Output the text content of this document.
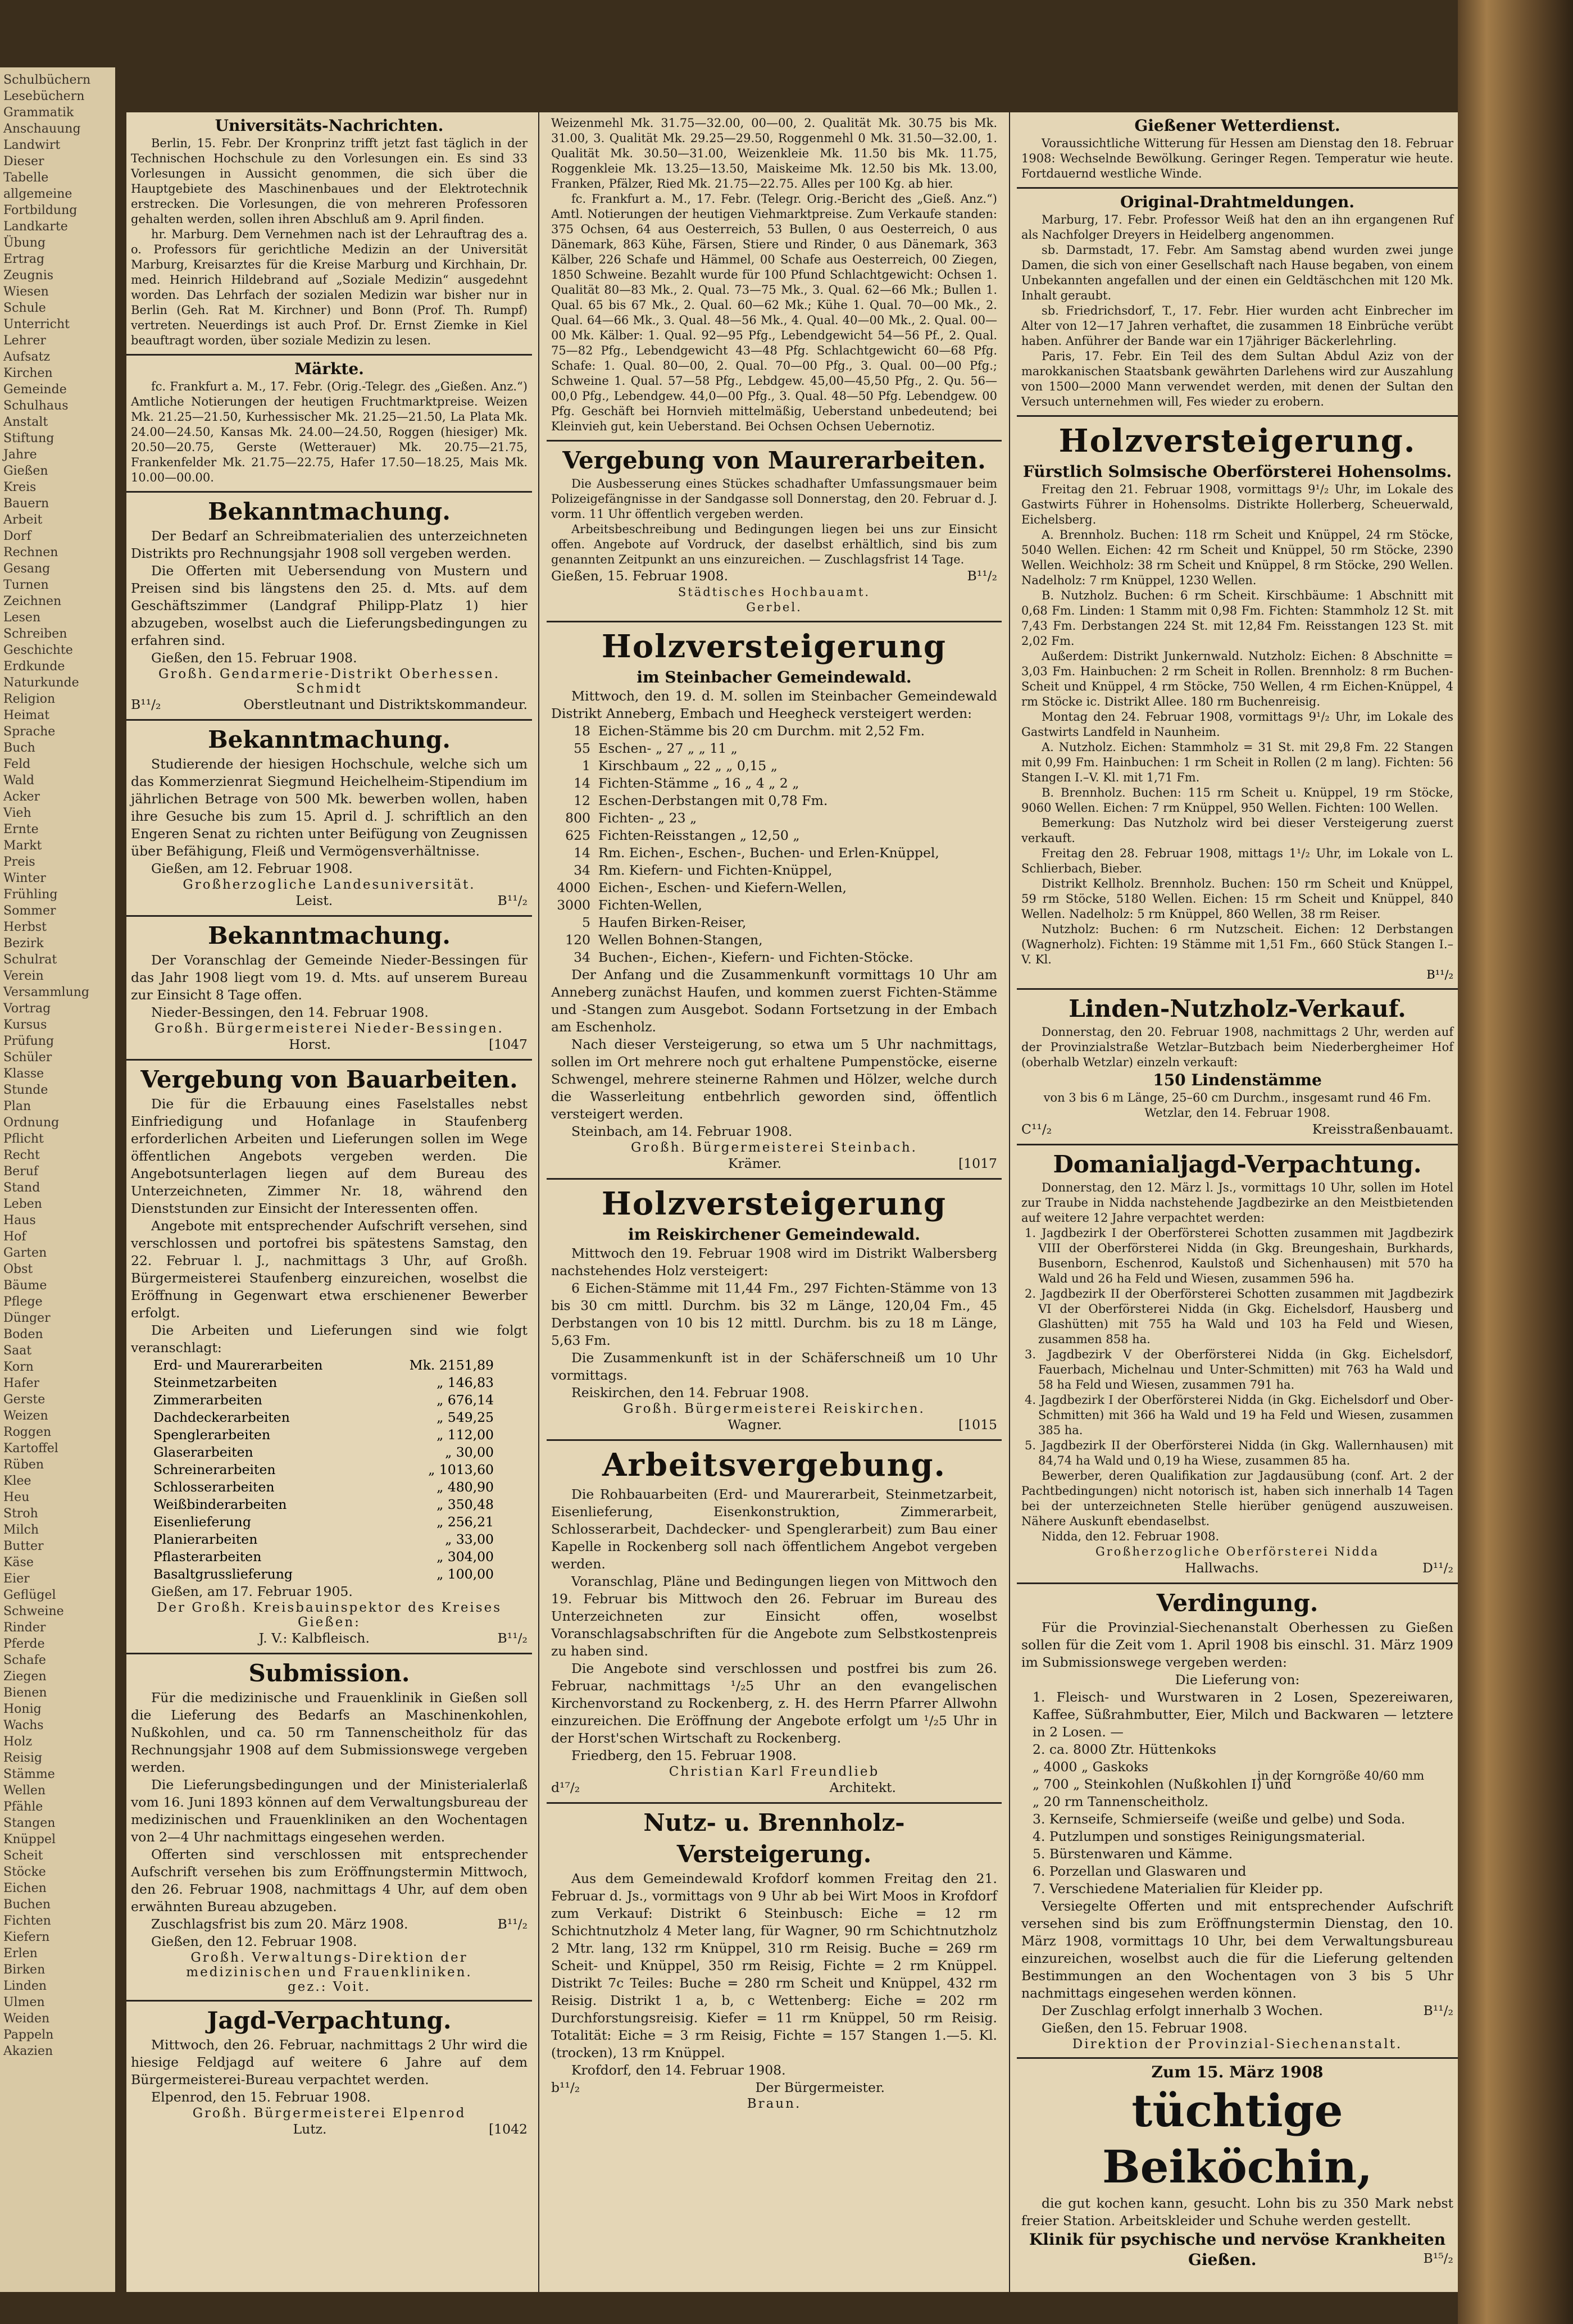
Schulbüchern
Lesebüchern
Grammatik
Anschauung
Landwirt
Dieser
Tabelle
allgemeine
Fortbildung
Landkarte
Übung
Ertrag
Zeugnis
Wiesen
Schule
Unterricht
Lehrer
Aufsatz
Kirchen
Gemeinde
Schulhaus
Anstalt
Stiftung
Jahre
Gießen
Kreis
Bauern
Arbeit
Dorf
Rechnen
Gesang
Turnen
Zeichnen
Lesen
Schreiben
Geschichte
Erdkunde
Naturkunde
Religion
Heimat
Sprache
Buch
Feld
Wald
Acker
Vieh
Ernte
Markt
Preis
Winter
Frühling
Sommer
Herbst
Bezirk
Schulrat
Verein
Versammlung
Vortrag
Kursus
Prüfung
Schüler
Klasse
Stunde
Plan
Ordnung
Pflicht
Recht
Beruf
Stand
Leben
Haus
Hof
Garten
Obst
Bäume
Pflege
Dünger
Boden
Saat
Korn
Hafer
Gerste
Weizen
Roggen
Kartoffel
Rüben
Klee
Heu
Stroh
Milch
Butter
Käse
Eier
Geflügel
Schweine
Rinder
Pferde
Schafe
Ziegen
Bienen
Honig
Wachs
Holz
Reisig
Stämme
Wellen
Pfähle
Stangen
Knüppel
Scheit
Stöcke
Eichen
Buchen
Fichten
Kiefern
Erlen
Birken
Linden
Ulmen
Weiden
Pappeln
Akazien
Universitäts-Nachrichten.

Berlin, 15. Febr. Der Kronprinz trifft jetzt fast täglich in der Technischen Hochschule zu den Vorlesungen ein. Es sind 33 Vorlesungen in Aussicht genommen, die sich über die Hauptgebiete des Maschinenbaues und der Elektrotechnik erstrecken. Die Vorlesungen, die von mehreren Professoren gehalten werden, sollen ihren Abschluß am 9. April finden.

hr. Marburg. Dem Vernehmen nach ist der Lehrauftrag des a. o. Professors für gerichtliche Medizin an der Universität Marburg, Kreisarztes für die Kreise Marburg und Kirchhain, Dr. med. Heinrich Hildebrand auf „Soziale Medizin“ ausgedehnt worden. Das Lehrfach der sozialen Medizin war bisher nur in Berlin (Geh. Rat M. Kirchner) und Bonn (Prof. Th. Rumpf) vertreten. Neuerdings ist auch Prof. Dr. Ernst Ziemke in Kiel beauftragt worden, über soziale Medizin zu lesen.

Märkte.

fc. Frankfurt a. M., 17. Febr. (Orig.-Telegr. des „Gießen. Anz.“) Amtliche Notierungen der heutigen Fruchtmarktpreise. Weizen Mk. 21.25—21.50, Kurhessischer Mk. 21.25—21.50, La Plata Mk. 24.00—24.50, Kansas Mk. 24.00—24.50, Roggen (hiesiger) Mk. 20.50—20.75, Gerste (Wetterauer) Mk. 20.75—21.75, Frankenfelder Mk. 21.75—22.75, Hafer 17.50—18.25, Mais Mk. 10.00—00.00.

Bekanntmachung.

Der Bedarf an Schreibmaterialien des unterzeichneten Distrikts pro Rechnungsjahr 1908 soll vergeben werden.

Die Offerten mit Uebersendung von Mustern und Preisen sind bis längstens den 25. d. Mts. auf dem Geschäftszimmer (Landgraf Philipp-Platz 1) hier abzugeben, woselbst auch die Lieferungsbedingungen zu erfahren sind.

Gießen, den 15. Februar 1908.

Großh. Gendarmerie-Distrikt Oberhessen.
Schmidt
B¹¹/₂	Oberstleutnant und Distriktskommandeur.
Bekanntmachung.

Studierende der hiesigen Hochschule, welche sich um das Kommerzienrat Siegmund Heichelheim-Stipendium im jährlichen Betrage von 500 Mk. bewerben wollen, haben ihre Gesuche bis zum 15. April d. J. schriftlich an den Engeren Senat zu richten unter Beifügung von Zeugnissen über Befähigung, Fleiß und Vermögensverhältnisse.

Gießen, am 12. Februar 1908.

Großherzogliche Landesuniversität.
Leist.	B¹¹/₂
Bekanntmachung.

Der Voranschlag der Gemeinde Nieder-Bessingen für das Jahr 1908 liegt vom 19. d. Mts. auf unserem Bureau zur Einsicht 8 Tage offen.

Nieder-Bessingen, den 14. Februar 1908.

Großh. Bürgermeisterei Nieder-Bessingen.
Horst.	[1047
Vergebung von Bauarbeiten.

Die für die Erbauung eines Faselstalles nebst Einfriedigung und Hofanlage in Staufenberg erforderlichen Arbeiten und Lieferungen sollen im Wege öffentlichen Angebots vergeben werden. Die Angebotsunterlagen liegen auf dem Bureau des Unterzeichneten, Zimmer Nr. 18, während den Dienststunden zur Einsicht der Interessenten offen.

Angebote mit entsprechender Aufschrift versehen, sind verschlossen und portofrei bis spätestens Samstag, den 22. Februar l. J., nachmittags 3 Uhr, auf Großh. Bürgermeisterei Staufenberg einzureichen, woselbst die Eröffnung in Gegenwart etwa erschienener Bewerber erfolgt.

Die Arbeiten und Lieferungen sind wie folgt veranschlagt:

Erd- und Maurerarbeiten	Mk. 2151,89
Steinmetzarbeiten	„ 146,83
Zimmerarbeiten	„ 676,14
Dachdeckerarbeiten	„ 549,25
Spenglerarbeiten	„ 112,00
Glaserarbeiten	„ 30,00
Schreinerarbeiten	„ 1013,60
Schlosserarbeiten	„ 480,90
Weißbinderarbeiten	„ 350,48
Eisenlieferung	„ 256,21
Planierarbeiten	„ 33,00
Pflasterarbeiten	„ 304,00
Basaltgrusslieferung	„ 100,00

Gießen, am 17. Februar 1905.

Der Großh. Kreisbauinspektor des Kreises Gießen:
J. V.: Kalbfleisch.	B¹¹/₂
Submission.

Für die medizinische und Frauenklinik in Gießen soll die Lieferung des Bedarfs an Maschinenkohlen, Nußkohlen, und ca. 50 rm Tannenscheitholz für das Rechnungsjahr 1908 auf dem Submissionswege vergeben werden.

Die Lieferungsbedingungen und der Ministerialerlaß vom 16. Juni 1893 können auf dem Verwaltungsbureau der medizinischen und Frauenkliniken an den Wochentagen von 2—4 Uhr nachmittags eingesehen werden.

Offerten sind verschlossen mit entsprechender Aufschrift versehen bis zum Eröffnungstermin Mittwoch, den 26. Februar 1908, nachmittags 4 Uhr, auf dem oben erwähnten Bureau abzugeben.

Zuschlagsfrist bis zum 20. März 1908.	B¹¹/₂

Gießen, den 12. Februar 1908.

Großh. Verwaltungs-Direktion der medizinischen und Frauenkliniken.
gez.: Voit.
Jagd-Verpachtung.

Mittwoch, den 26. Februar, nachmittags 2 Uhr wird die hiesige Feldjagd auf weitere 6 Jahre auf dem Bürgermeisterei-Bureau verpachtet werden.

Elpenrod, den 15. Februar 1908.

Großh. Bürgermeisterei Elpenrod
Lutz.	[1042

Weizenmehl Mk. 31.75—32.00, 00—00, 2. Qualität Mk. 30.75 bis Mk. 31.00, 3. Qualität Mk. 29.25—29.50, Roggenmehl 0 Mk. 31.50—32.00, 1. Qualität Mk. 30.50—31.00, Weizenkleie Mk. 11.50 bis Mk. 11.75, Roggenkleie Mk. 13.25—13.50, Maiskeime Mk. 12.50 bis Mk. 13.00, Franken, Pfälzer, Ried Mk. 21.75—22.75. Alles per 100 Kg. ab hier.

fc. Frankfurt a. M., 17. Febr. (Telegr. Orig.-Bericht des „Gieß. Anz.“) Amtl. Notierungen der heutigen Viehmarktpreise. Zum Verkaufe standen: 375 Ochsen, 64 aus Oesterreich, 53 Bullen, 0 aus Oesterreich, 0 aus Dänemark, 863 Kühe, Färsen, Stiere und Rinder, 0 aus Dänemark, 363 Kälber, 226 Schafe und Hämmel, 00 Schafe aus Oesterreich, 00 Ziegen, 1850 Schweine. Bezahlt wurde für 100 Pfund Schlachtgewicht: Ochsen 1. Qualität 80—83 Mk., 2. Qual. 73—75 Mk., 3. Qual. 62—66 Mk.; Bullen 1. Qual. 65 bis 67 Mk., 2. Qual. 60—62 Mk.; Kühe 1. Qual. 70—00 Mk., 2. Qual. 64—66 Mk., 3. Qual. 48—56 Mk., 4. Qual. 40—00 Mk., 2. Qual. 00—00 Mk. Kälber: 1. Qual. 92—95 Pfg., Lebendgewicht 54—56 Pf., 2. Qual. 75—82 Pfg., Lebendgewicht 43—48 Pfg. Schlachtgewicht 60—68 Pfg. Schafe: 1. Qual. 80—00, 2. Qual. 70—00 Pfg., 3. Qual. 00—00 Pfg.; Schweine 1. Qual. 57—58 Pfg., Lebdgew. 45,00—45,50 Pfg., 2. Qu. 56—00,0 Pfg., Lebendgew. 44,0—00 Pfg., 3. Qual. 48—50 Pfg. Lebendgew. 00 Pfg. Geschäft bei Hornvieh mittelmäßig, Ueberstand unbedeutend; bei Kleinvieh gut, kein Ueberstand. Bei Ochsen Ochsen Uebernotiz.

Vergebung von Maurerarbeiten.

Die Ausbesserung eines Stückes schadhafter Umfassungsmauer beim Polizeigefängnisse in der Sandgasse soll Donnerstag, den 20. Februar d. J. vorm. 11 Uhr öffentlich vergeben werden.

Arbeitsbeschreibung und Bedingungen liegen bei uns zur Einsicht offen. Angebote auf Vordruck, der daselbst erhältlich, sind bis zum genannten Zeitpunkt an uns einzureichen. — Zuschlagsfrist 14 Tage.

Gießen, 15. Februar 1908.	B¹¹/₂
Städtisches Hochbauamt.
Gerbel.
Holzversteigerung
im Steinbacher Gemeindewald.

Mittwoch, den 19. d. M. sollen im Steinbacher Gemeindewald Distrikt Anneberg, Embach und Heegheck versteigert werden:

18 Eichen-Stämme bis 20 cm Durchm. mit 2,52 Fm.
55 Eschen- „ 27 „ „ 11 „
1 Kirschbaum „ 22 „ „ 0,15 „
14 Fichten-Stämme „ 16 „ 4 „ 2 „
12 Eschen-Derbstangen mit 0,78 Fm.
800 Fichten- „ 23 „
625 Fichten-Reisstangen „ 12,50 „
14 Rm. Eichen-, Eschen-, Buchen- und Erlen-Knüppel,
34 Rm. Kiefern- und Fichten-Knüppel,
4000 Eichen-, Eschen- und Kiefern-Wellen,
3000 Fichten-Wellen,
5 Haufen Birken-Reiser,
120 Wellen Bohnen-Stangen,
34 Buchen-, Eichen-, Kiefern- und Fichten-Stöcke.

Der Anfang und die Zusammenkunft vormittags 10 Uhr am Anneberg zunächst Haufen, und kommen zuerst Fichten-Stämme und -Stangen zum Ausgebot. Sodann Fortsetzung in der Embach am Eschenholz.

Nach dieser Versteigerung, so etwa um 5 Uhr nachmittags, sollen im Ort mehrere noch gut erhaltene Pumpenstöcke, eiserne Schwengel, mehrere steinerne Rahmen und Hölzer, welche durch die Wasserleitung entbehrlich geworden sind, öffentlich versteigert werden.

Steinbach, am 14. Februar 1908.

Großh. Bürgermeisterei Steinbach.
Krämer.	[1017
Holzversteigerung
im Reiskirchener Gemeindewald.

Mittwoch den 19. Februar 1908 wird im Distrikt Walbersberg nachstehendes Holz versteigert:

6 Eichen-Stämme mit 11,44 Fm., 297 Fichten-Stämme von 13 bis 30 cm mittl. Durchm. bis 32 m Länge, 120,04 Fm., 45 Derbstangen von 10 bis 12 mittl. Durchm. bis zu 18 m Länge, 5,63 Fm.

Die Zusammenkunft ist in der Schäferschneiß um 10 Uhr vormittags.

Reiskirchen, den 14. Februar 1908.

Großh. Bürgermeisterei Reiskirchen.
Wagner.	[1015
Arbeitsvergebung.

Die Rohbauarbeiten (Erd- und Maurerarbeit, Steinmetzarbeit, Eisenlieferung, Eisenkonstruktion, Zimmerarbeit, Schlosserarbeit, Dachdecker- und Spenglerarbeit) zum Bau einer Kapelle in Rockenberg soll nach öffentlichem Angebot vergeben werden.

Voranschlag, Pläne und Bedingungen liegen von Mittwoch den 19. Februar bis Mittwoch den 26. Februar im Bureau des Unterzeichneten zur Einsicht offen, woselbst Voranschlagsabschriften für die Angebote zum Selbstkostenpreis zu haben sind.

Die Angebote sind verschlossen und postfrei bis zum 26. Februar, nachmittags ¹/₂5 Uhr an den evangelischen Kirchenvorstand zu Rockenberg, z. H. des Herrn Pfarrer Allwohn einzureichen. Die Eröffnung der Angebote erfolgt um ¹/₂5 Uhr in der Horst'schen Wirtschaft zu Rockenberg.

Friedberg, den 15. Februar 1908.

Christian Karl Freundlieb
d¹⁷/₂	Architekt.
Nutz- u. Brennholz-Versteigerung.

Aus dem Gemeindewald Krofdorf kommen Freitag den 21. Februar d. Js., vormittags von 9 Uhr ab bei Wirt Moos in Krofdorf zum Verkauf: Distrikt 6 Steinbusch: Eiche = 12 rm Schichtnutzholz 4 Meter lang, für Wagner, 90 rm Schichtnutzholz 2 Mtr. lang, 132 rm Knüppel, 310 rm Reisig. Buche = 269 rm Scheit- und Knüppel, 350 rm Reisig, Fichte = 2 rm Knüppel. Distrikt 7c Teiles: Buche = 280 rm Scheit und Knüppel, 432 rm Reisig. Distrikt 1 a, b, c Wettenberg: Eiche = 202 rm Durchforstungsreisig. Kiefer = 11 rm Knüppel, 50 rm Reisig. Totalität: Eiche = 3 rm Reisig, Fichte = 157 Stangen 1.—5. Kl. (trocken), 13 rm Knüppel.

Krofdorf, den 14. Februar 1908.

b¹¹/₂	Der Bürgermeister.
Braun.
Gießener Wetterdienst.

Voraussichtliche Witterung für Hessen am Dienstag den 18. Februar 1908: Wechselnde Bewölkung. Geringer Regen. Temperatur wie heute. Fortdauernd westliche Winde.

Original-Drahtmeldungen.

Marburg, 17. Febr. Professor Weiß hat den an ihn ergangenen Ruf als Nachfolger Dreyers in Heidelberg angenommen.

sb. Darmstadt, 17. Febr. Am Samstag abend wurden zwei junge Damen, die sich von einer Gesellschaft nach Hause begaben, von einem Unbekannten angefallen und der einen ein Geldtäschchen mit 120 Mk. Inhalt geraubt.

sb. Friedrichsdorf, T., 17. Febr. Hier wurden acht Einbrecher im Alter von 12—17 Jahren verhaftet, die zusammen 18 Einbrüche verübt haben. Anführer der Bande war ein 17jähriger Bäckerlehrling.

Paris, 17. Febr. Ein Teil des dem Sultan Abdul Aziz von der marokkanischen Staatsbank gewährten Darlehens wird zur Auszahlung von 1500—2000 Mann verwendet werden, mit denen der Sultan den Versuch unternehmen will, Fes wieder zu erobern.

Holzversteigerung.
Fürstlich Solmsische Oberförsterei Hohensolms.

Freitag den 21. Februar 1908, vormittags 9¹/₂ Uhr, im Lokale des Gastwirts Führer in Hohensolms. Distrikte Hollerberg, Scheuerwald, Eichelsberg.

A. Brennholz. Buchen: 118 rm Scheit und Knüppel, 24 rm Stöcke, 5040 Wellen. Eichen: 42 rm Scheit und Knüppel, 50 rm Stöcke, 2390 Wellen. Weichholz: 38 rm Scheit und Knüppel, 8 rm Stöcke, 290 Wellen. Nadelholz: 7 rm Knüppel, 1230 Wellen.

B. Nutzholz. Buchen: 6 rm Scheit. Kirschbäume: 1 Abschnitt mit 0,68 Fm. Linden: 1 Stamm mit 0,98 Fm. Fichten: Stammholz 12 St. mit 7,43 Fm. Derbstangen 224 St. mit 12,84 Fm. Reisstangen 123 St. mit 2,02 Fm.

Außerdem: Distrikt Junkernwald. Nutzholz: Eichen: 8 Abschnitte = 3,03 Fm. Hainbuchen: 2 rm Scheit in Rollen. Brennholz: 8 rm Buchen-Scheit und Knüppel, 4 rm Stöcke, 750 Wellen, 4 rm Eichen-Knüppel, 4 rm Stöcke ic. Distrikt Allee. 180 rm Buchenreisig.

Montag den 24. Februar 1908, vormittags 9¹/₂ Uhr, im Lokale des Gastwirts Landfeld in Naunheim.

A. Nutzholz. Eichen: Stammholz = 31 St. mit 29,8 Fm. 22 Stangen mit 0,99 Fm. Hainbuchen: 1 rm Scheit in Rollen (2 m lang). Fichten: 56 Stangen I.–V. Kl. mit 1,71 Fm.

B. Brennholz. Buchen: 115 rm Scheit u. Knüppel, 19 rm Stöcke, 9060 Wellen. Eichen: 7 rm Knüppel, 950 Wellen. Fichten: 100 Wellen.

Bemerkung: Das Nutzholz wird bei dieser Versteigerung zuerst verkauft.

Freitag den 28. Februar 1908, mittags 1¹/₂ Uhr, im Lokale von L. Schlierbach, Bieber.

Distrikt Kellholz. Brennholz. Buchen: 150 rm Scheit und Knüppel, 59 rm Stöcke, 5180 Wellen. Eichen: 15 rm Scheit und Knüppel, 840 Wellen. Nadelholz: 5 rm Knüppel, 860 Wellen, 38 rm Reiser.

Nutzholz: Buchen: 6 rm Nutzscheit. Eichen: 12 Derbstangen (Wagnerholz). Fichten: 19 Stämme mit 1,51 Fm., 660 Stück Stangen I.–V. Kl.

B¹¹/₂
Linden-Nutzholz-Verkauf.

Donnerstag, den 20. Februar 1908, nachmittags 2 Uhr, werden auf der Provinzialstraße Wetzlar–Butzbach beim Niederbergheimer Hof (oberhalb Wetzlar) einzeln verkauft:

150 Lindenstämme

von 3 bis 6 m Länge, 25–60 cm Durchm., insgesamt rund 46 Fm.

Wetzlar, den 14. Februar 1908.

C¹¹/₂	Kreisstraßenbauamt.
Domanialjagd-Verpachtung.

Donnerstag, den 12. März l. Js., vormittags 10 Uhr, sollen im Hotel zur Traube in Nidda nachstehende Jagdbezirke an den Meistbietenden auf weitere 12 Jahre verpachtet werden:

1. Jagdbezirk I der Oberförsterei Schotten zusammen mit Jagdbezirk VIII der Oberförsterei Nidda (in Gkg. Breungeshain, Burkhards, Busenborn, Eschenrod, Kaulstoß und Sichenhausen) mit 570 ha Wald und 26 ha Feld und Wiesen, zusammen 596 ha.

2. Jagdbezirk II der Oberförsterei Schotten zusammen mit Jagdbezirk VI der Oberförsterei Nidda (in Gkg. Eichelsdorf, Hausberg und Glashütten) mit 755 ha Wald und 103 ha Feld und Wiesen, zusammen 858 ha.

3. Jagdbezirk V der Oberförsterei Nidda (in Gkg. Eichelsdorf, Fauerbach, Michelnau und Unter-Schmitten) mit 763 ha Wald und 58 ha Feld und Wiesen, zusammen 791 ha.

4. Jagdbezirk I der Oberförsterei Nidda (in Gkg. Eichelsdorf und Ober-Schmitten) mit 366 ha Wald und 19 ha Feld und Wiesen, zusammen 385 ha.

5. Jagdbezirk II der Oberförsterei Nidda (in Gkg. Wallernhausen) mit 84,74 ha Wald und 0,19 ha Wiese, zusammen 85 ha.

Bewerber, deren Qualifikation zur Jagdausübung (conf. Art. 2 der Pachtbedingungen) nicht notorisch ist, haben sich innerhalb 14 Tagen bei der unterzeichneten Stelle hierüber genügend auszuweisen. Nähere Auskunft ebendaselbst.

Nidda, den 12. Februar 1908.

Großherzogliche Oberförsterei Nidda
Hallwachs.	D¹¹/₂
Verdingung.

Für die Provinzial-Siechenanstalt Oberhessen zu Gießen sollen für die Zeit vom 1. April 1908 bis einschl. 31. März 1909 im Submissionswege vergeben werden:

Die Lieferung von:

1. Fleisch- und Wurstwaren in 2 Losen, Spezereiwaren, Kaffee, Süßrahmbutter, Eier, Milch und Backwaren — letztere in 2 Losen. —
2. ca. 8000 Ztr. Hüttenkoks
„ 4000 „ Gaskoks
„ 700 „ Steinkohlen (Nußkohlen I) und
„ 20 rm Tannenscheitholz.
3. Kernseife, Schmierseife (weiße und gelbe) und Soda.
4. Putzlumpen und sonstiges Reinigungsmaterial.
5. Bürstenwaren und Kämme.
6. Porzellan und Glaswaren und
7. Verschiedene Materialien für Kleider pp.
in der Korngröße 40/60 mm

Versiegelte Offerten und mit entsprechender Aufschrift versehen sind bis zum Eröffnungstermin Dienstag, den 10. März 1908, vormittags 10 Uhr, bei dem Verwaltungsbureau einzureichen, woselbst auch die für die Lieferung geltenden Bestimmungen an den Wochentagen von 3 bis 5 Uhr nachmittags eingesehen werden können.

Der Zuschlag erfolgt innerhalb 3 Wochen.	B¹¹/₂

Gießen, den 15. Februar 1908.

Direktion der Provinzial-Siechenanstalt.
Zum 15. März 1908
tüchtige Beiköchin,

die gut kochen kann, gesucht. Lohn bis zu 350 Mark nebst freier Station. Arbeitskleider und Schuhe werden gestellt.

Klinik für psychische und nervöse Krankheiten
Gießen.	B¹⁵/₂
